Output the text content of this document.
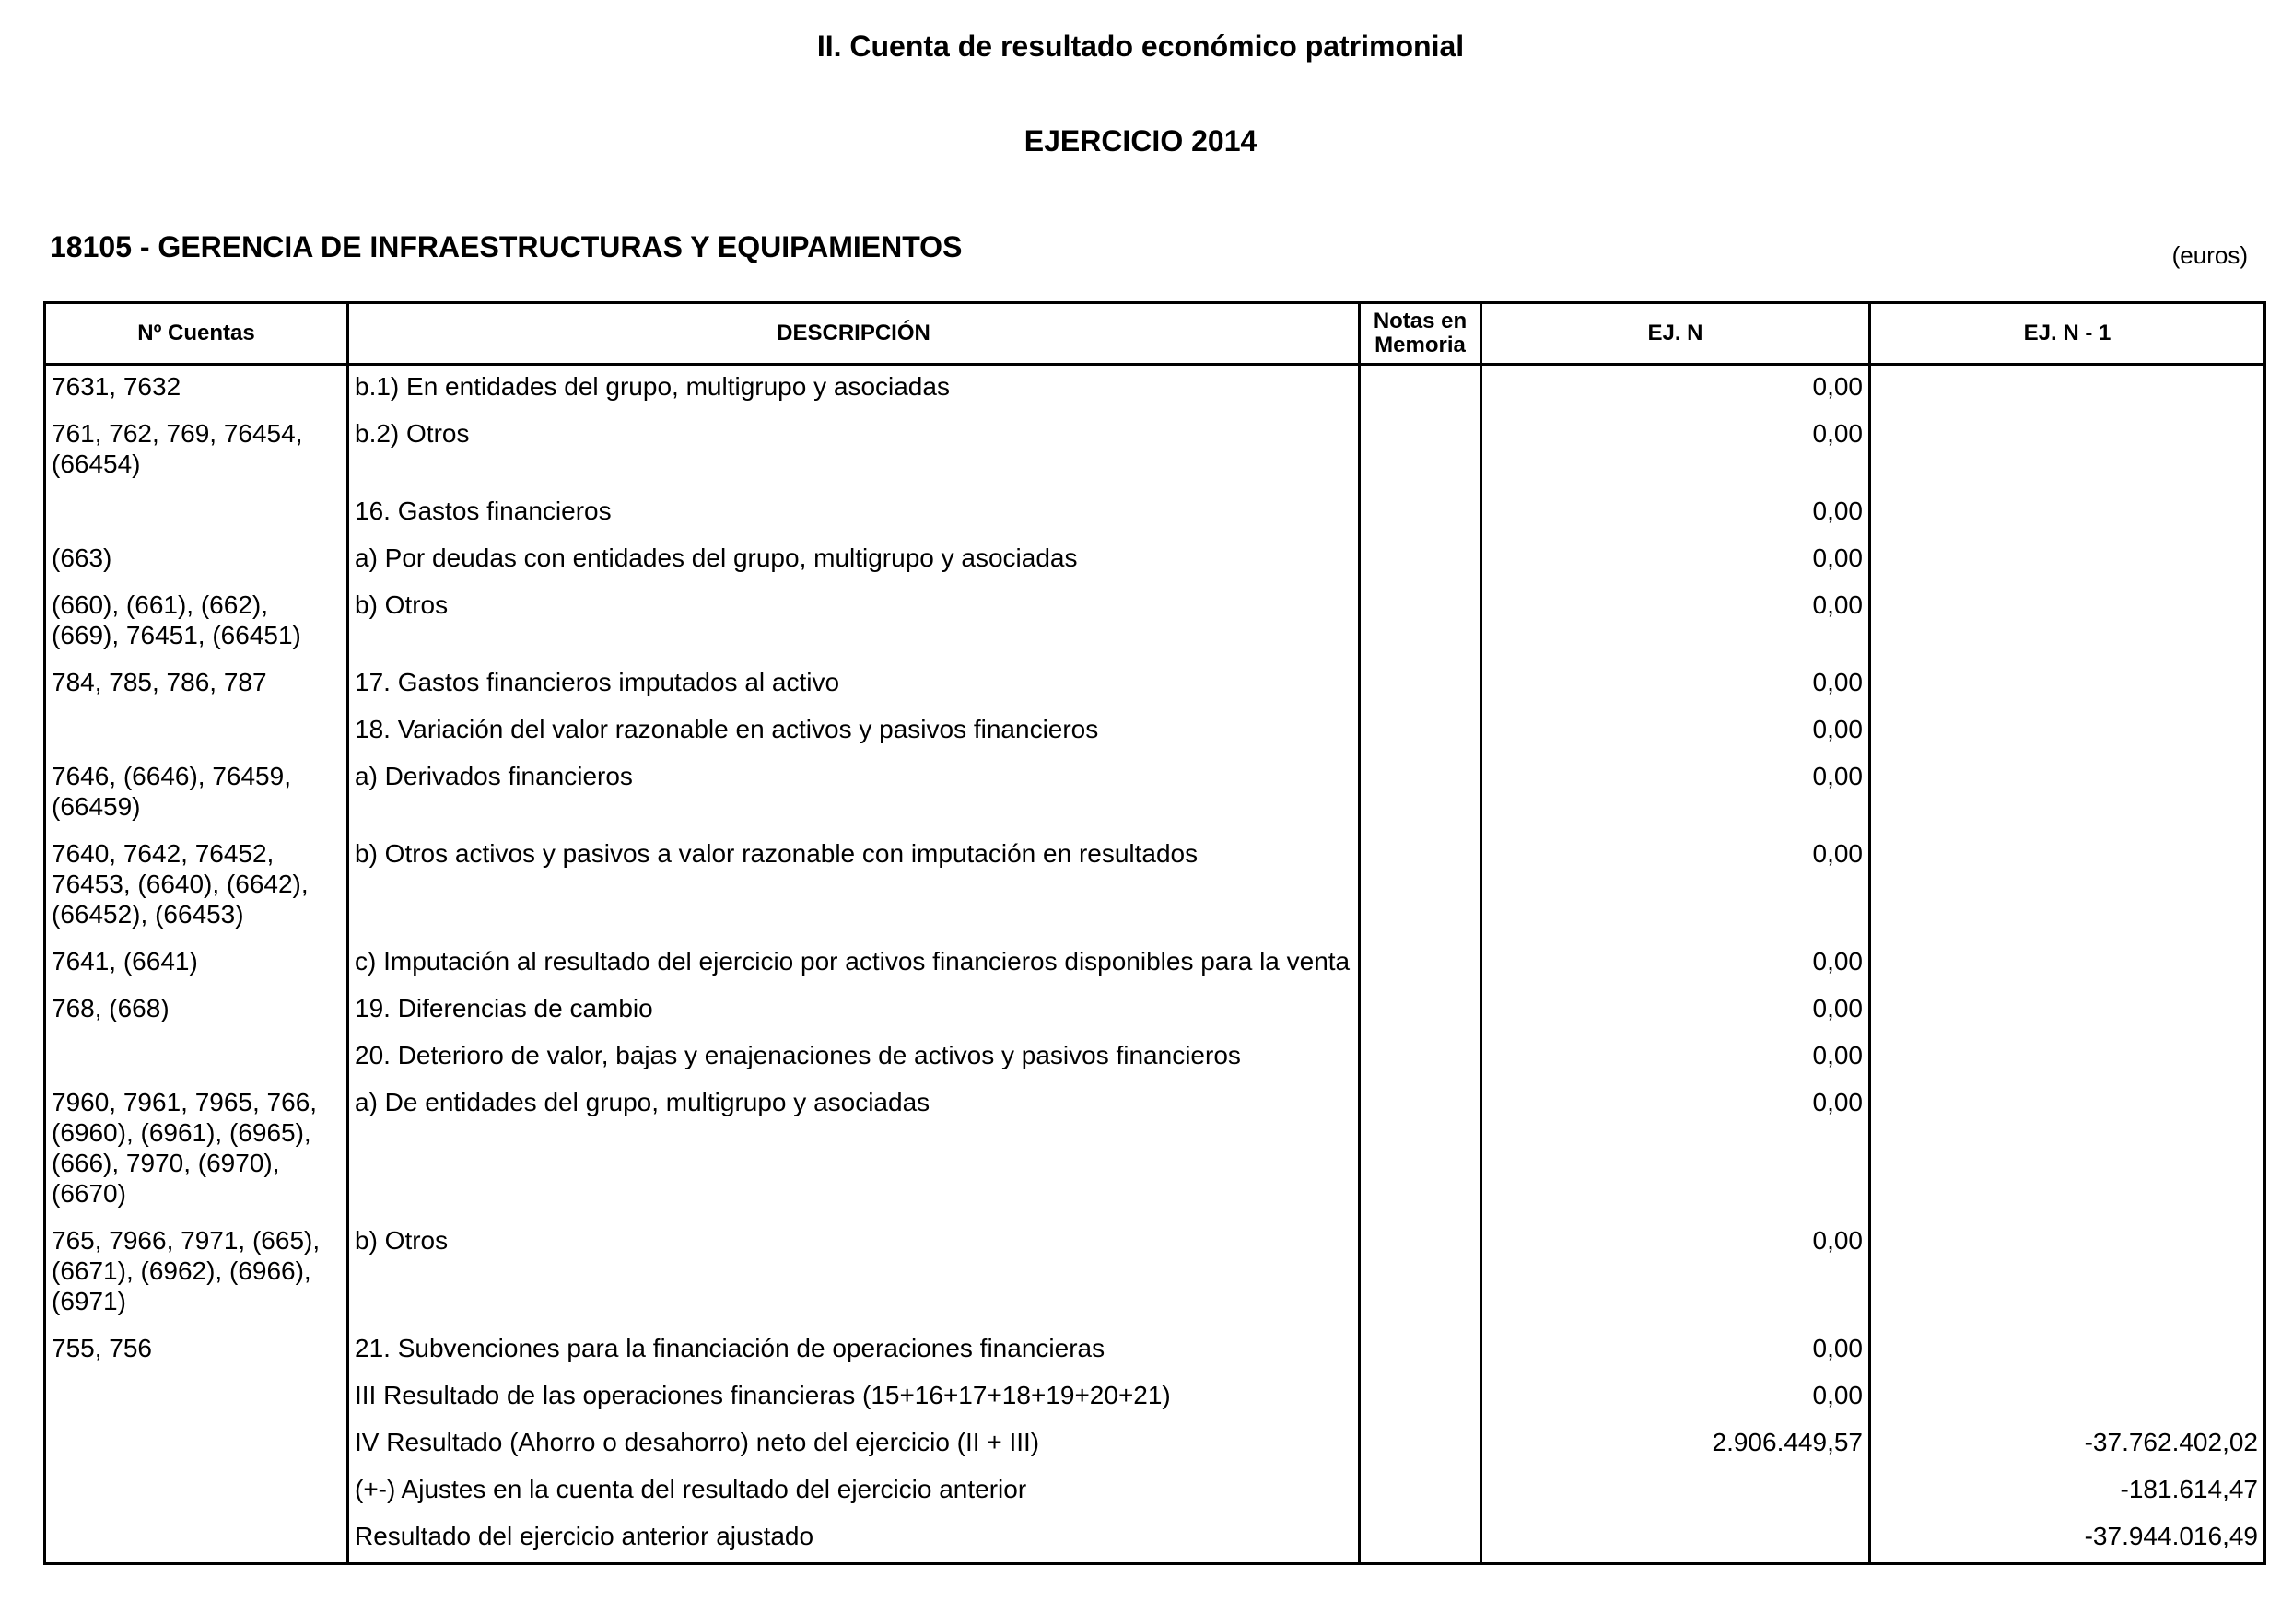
II. Cuenta de resultado económico patrimonial
EJERCICIO 2014
18105 - GERENCIA DE INFRAESTRUCTURAS Y EQUIPAMIENTOS	(euros)
Nº Cuentas	DESCRIPCIÓN	Notas en Memoria	EJ. N	EJ. N - 1
7631, 7632	b.1) En entidades del grupo, multigrupo y asociadas		0,00	
761, 762, 769, 76454, (66454)	b.2) Otros		0,00	
	16. Gastos financieros		0,00	
(663)	a) Por deudas con entidades del grupo, multigrupo y asociadas		0,00	
(660), (661), (662), (669), 76451, (66451)	b) Otros		0,00	
784, 785, 786, 787	17. Gastos financieros imputados al activo		0,00	
	18. Variación del valor razonable en activos y pasivos financieros		0,00	
7646, (6646), 76459, (66459)	a) Derivados financieros		0,00	
7640, 7642, 76452, 76453, (6640), (6642), (66452), (66453)	b) Otros activos y pasivos a valor razonable con imputación en resultados		0,00	
7641, (6641)	c) Imputación al resultado del ejercicio por activos financieros disponibles para la venta		0,00	
768, (668)	19. Diferencias de cambio		0,00	
	20. Deterioro de valor, bajas y enajenaciones de activos y pasivos financieros		0,00	
7960, 7961, 7965, 766, (6960), (6961), (6965), (666), 7970, (6970), (6670)	a) De entidades del grupo, multigrupo y asociadas		0,00	
765, 7966, 7971, (665), (6671), (6962), (6966), (6971)	b) Otros		0,00	
755, 756	21. Subvenciones para la financiación de operaciones financieras		0,00	
	III Resultado de las operaciones financieras (15+16+17+18+19+20+21)		0,00	
	IV Resultado (Ahorro o desahorro) neto del ejercicio (II + III)		2.906.449,57	-37.762.402,02
	(+-) Ajustes en la cuenta del resultado del ejercicio anterior			-181.614,47
	Resultado del ejercicio anterior ajustado			-37.944.016,49
